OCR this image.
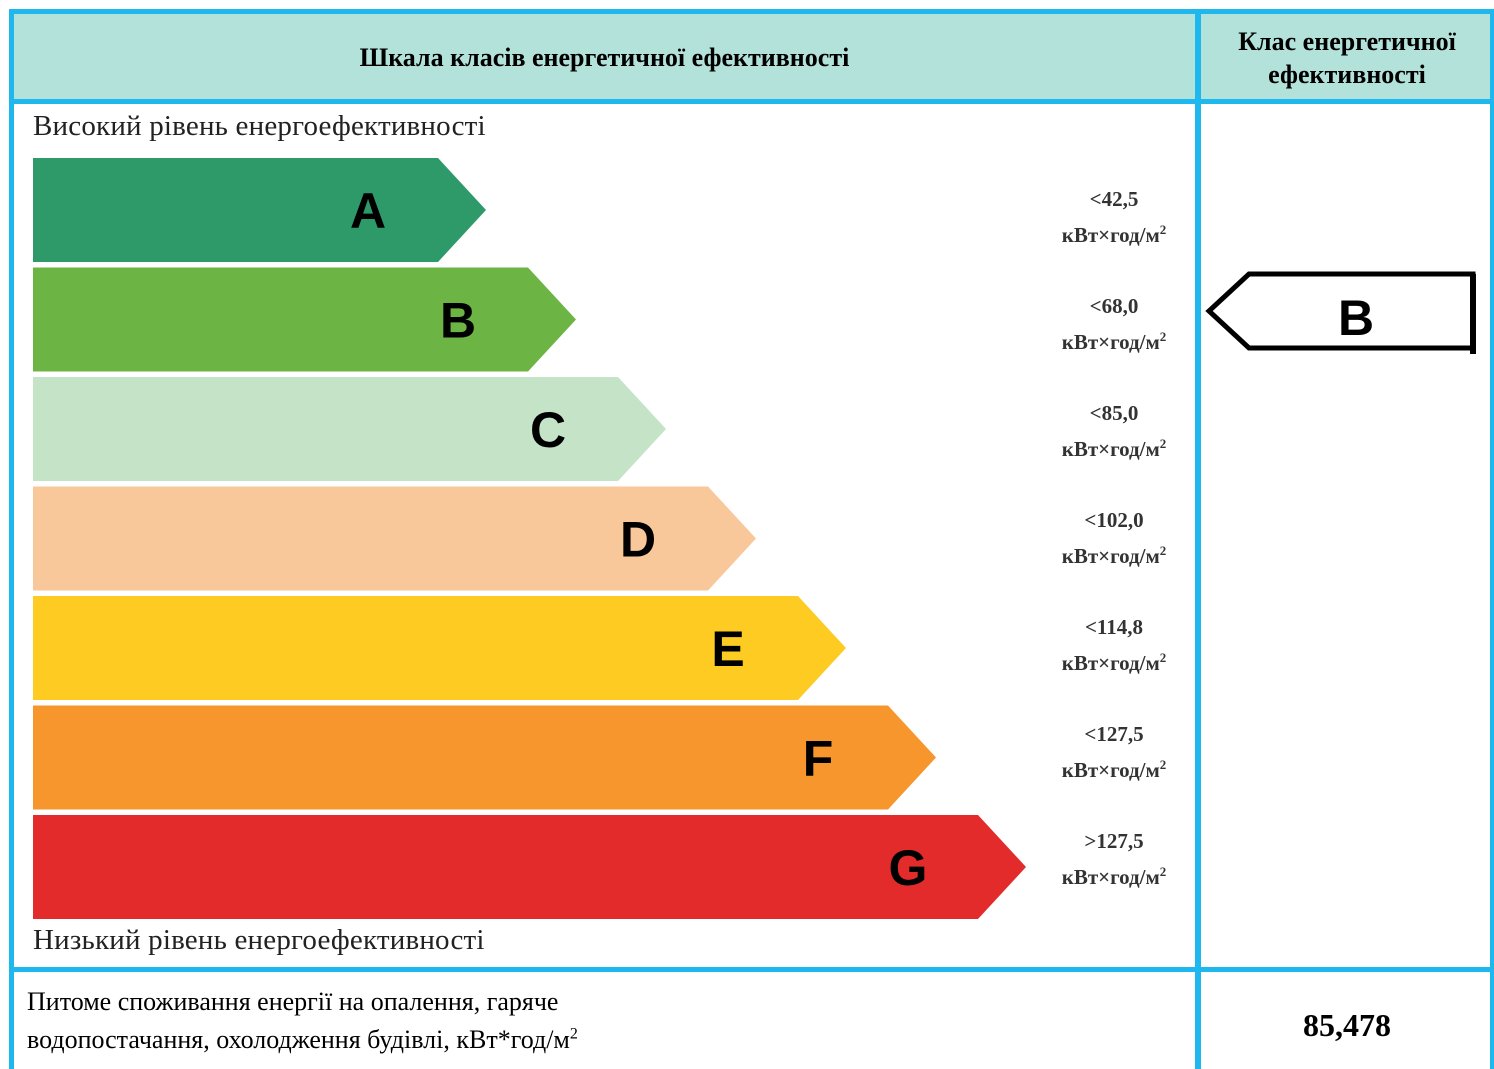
Шкала класів енергетичної ефективності
Клас енергетичної ефективності
Високий рівень енергоефективності
Низький рівень енергоефективності
A
B
C
D
E
F
G
<42,5
$кВт\times год/м^2$
<68,0
$кВт\times год/м^2$
<85,0
$кВт\times год/м^2$
<102,0
$кВт\times год/м^2$
<114,8
$кВт\times год/м^2$
<127,5
$кВт\times год/м^2$
>127,5
$кВт\times год/м^2$
B
Питоме споживання енергії на опалення, гаряче
водопостачання, охолодження будівлі, $кВт*год/м^2$	85,478
